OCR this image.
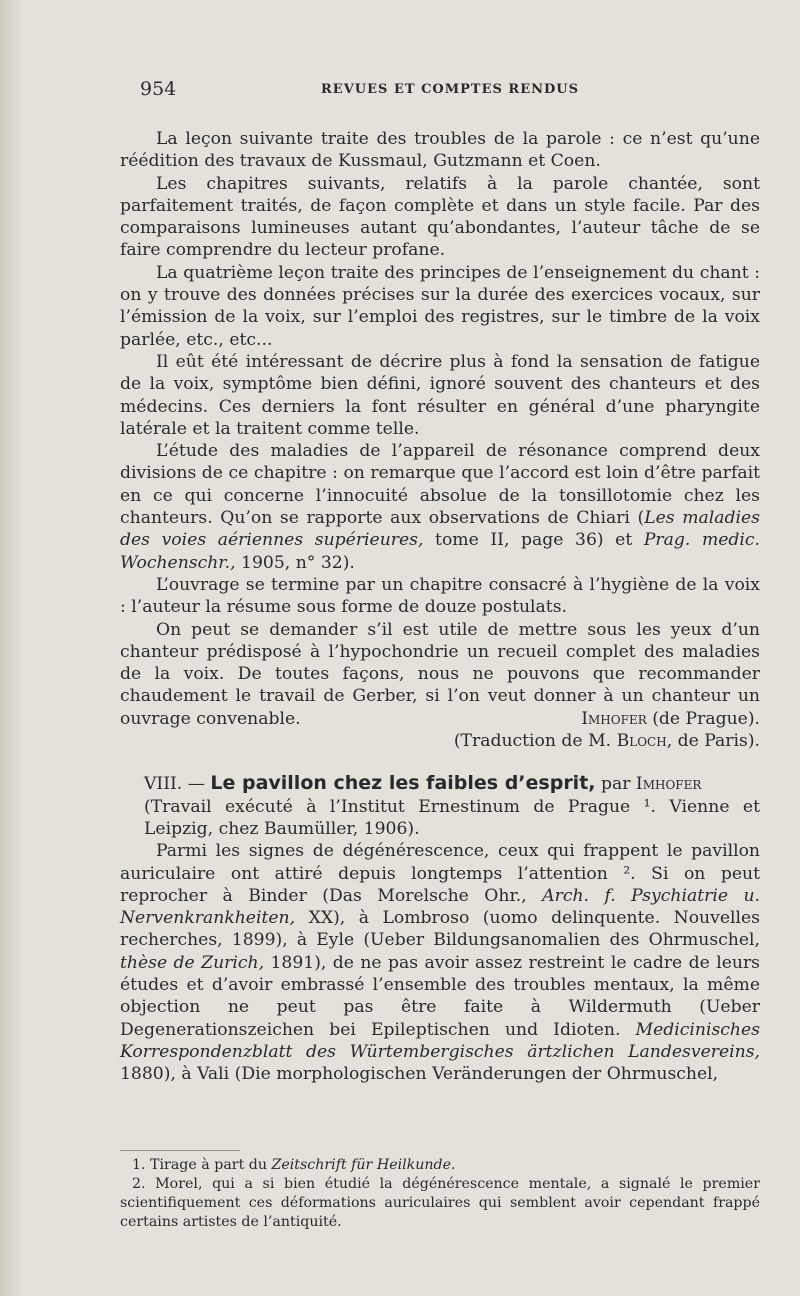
954	REVUES ET COMPTES RENDUS

La leçon suivante traite des troubles de la parole : ce n’est qu’une réédition des travaux de Kussmaul, Gutzmann et Coen.

Les chapitres suivants, relatifs à la parole chantée, sont parfaitement traités, de façon complète et dans un style facile. Par des comparaisons lumineuses autant qu’abondantes, l’auteur tâche de se faire comprendre du lecteur profane.

La quatrième leçon traite des principes de l’enseignement du chant : on y trouve des données précises sur la durée des exercices vocaux, sur l’émission de la voix, sur l’emploi des registres, sur le timbre de la voix parlée, etc., etc...

Il eût été intéressant de décrire plus à fond la sensation de fatigue de la voix, symptôme bien défini, ignoré souvent des chanteurs et des médecins. Ces derniers la font résulter en général d’une pharyngite latérale et la traitent comme telle.

L’étude des maladies de l’appareil de résonance comprend deux divisions de ce chapitre : on remarque que l’accord est loin d’être parfait en ce qui concerne l’innocuité absolue de la tonsillotomie chez les chanteurs. Qu’on se rapporte aux observations de Chiari (Les maladies des voies aériennes supérieures, tome II, page 36) et Prag. medic. Wochenschr., 1905, n° 32).

L’ouvrage se termine par un chapitre consacré à l’hygiène de la voix : l’auteur la résume sous forme de douze postulats.

On peut se demander s’il est utile de mettre sous les yeux d’un chanteur prédisposé à l’hypochondrie un recueil complet des maladies de la voix. De toutes façons, nous ne pouvons que recommander chaudement le travail de Gerber, si l’on veut donner à un chanteur un ouvrage convenable.	Imhofer (de Prague).

(Traduction de M. Bloch, de Paris).

VIII. — Le pavillon chez les faibles d’esprit, par Imhofer

(Travail exécuté à l’Institut Ernestinum de Prague ¹. Vienne et Leipzig, chez Baumüller, 1906).

Parmi les signes de dégénérescence, ceux qui frappent le pavillon auriculaire ont attiré depuis longtemps l’attention ². Si on peut reprocher à Binder (Das Morelsche Ohr., Arch. f. Psychiatrie u. Nervenkrankheiten, XX), à Lombroso (uomo delinquente. Nouvelles recherches, 1899), à Eyle (Ueber Bildungsanomalien des Ohrmuschel, thèse de Zurich, 1891), de ne pas avoir assez restreint le cadre de leurs études et d’avoir embrassé l’ensemble des troubles mentaux, la même objection ne peut pas être faite à Wildermuth (Ueber Degenerationszeichen bei Epileptischen und Idioten. Medicinisches Korrespondenzblatt des Würtembergisches ärtzlichen Landesvereins, 1880), à Vali (Die morphologischen Veränderungen der Ohrmuschel,

1. Tirage à part du Zeitschrift für Heilkunde.

2. Morel, qui a si bien étudié la dégénérescence mentale, a signalé le premier scientifiquement ces déformations auriculaires qui semblent avoir cependant frappé certains artistes de l’antiquité.
